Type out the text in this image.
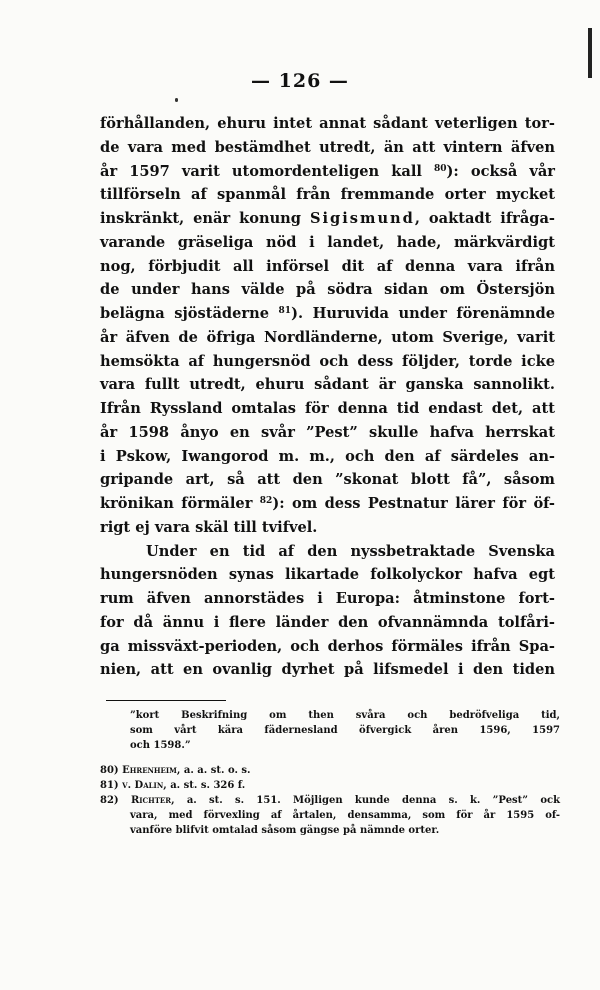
— 126 —
förhållanden, ehuru intet annat sådant veterligen tor-
de vara med bestämdhet utredt, än att vintern äfven
år 1597 varit utomordenteligen kall $^{80}$): också vår
tillförseln af spanmål från fremmande orter mycket
inskränkt, enär konung Sigismund, oaktadt ifråga-
varande gräseliga nöd i landet, hade, märkvärdigt
nog, förbjudit all införsel dit af denna vara ifrån
de under hans välde på södra sidan om Östersjön
belägna sjöstäderne $^{81}$). Huruvida under förenämnde
år äfven de öfriga Nordländerne, utom Sverige, varit
hemsökta af hungersnöd och dess följder, torde icke
vara fullt utredt, ehuru sådant är ganska sannolikt.
Ifrån Ryssland omtalas för denna tid endast det, att
år 1598 ånyo en svår ”Pest” skulle hafva herrskat
i Pskow, Iwangorod m. m., och den af särdeles an-
gripande art, så att den ”skonat blott få”, såsom
krönikan förmäler $^{82}$): om dess Pestnatur lärer för öf-
rigt ej vara skäl till tvifvel.
Under en tid af den nyssbetraktade Svenska
hungersnöden synas likartade folkolyckor hafva egt
rum äfven annorstädes i Europa: åtminstone fort-
for då ännu i flere länder den ofvannämnda tolfåri-
ga missväxt-perioden, och derhos förmäles ifrån Spa-
nien, att en ovanlig dyrhet på lifsmedel i den tiden
”kort Beskrifning om then svåra och bedröfveliga tid,
som vårt kära fädernesland öfvergick åren 1596, 1597
och 1598.”
80) Ehrenheim, a. a. st. o. s.
81) v. Dalin, a. st. s. 326 f.
82) Richter, a. st. s. 151. Möjligen kunde denna s. k. ”Pest” ock
vara, med förvexling af årtalen, densamma, som för år 1595 of-
vanföre blifvit omtalad såsom gängse på nämnde orter.
